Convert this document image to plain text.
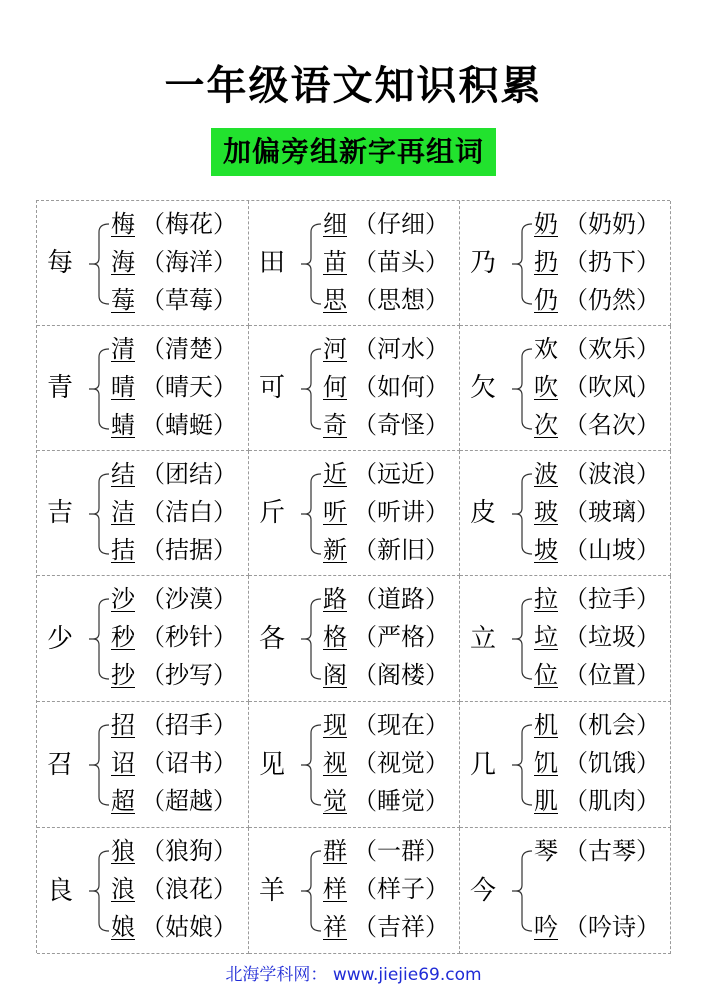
一年级语文知识积累
加偏旁组新字再组词
每
梅 （梅花）
海 （海洋）
莓 （草莓）
田
细 （仔细）
苗 （苗头）
思 （思想）
乃
奶 （奶奶）
扔 （扔下）
仍 （仍然）
青
清 （清楚）
晴 （晴天）
蜻 （蜻蜓）
可
河 （河水）
何 （如何）
奇 （奇怪）
欠
欢 （欢乐）
吹 （吹风）
次 （名次）
吉
结 （团结）
洁 （洁白）
拮 （拮据）
斤
近 （远近）
听 （听讲）
新 （新旧）
皮
波 （波浪）
玻 （玻璃）
坡 （山坡）
少
沙 （沙漠）
秒 （秒针）
抄 （抄写）
各
路 （道路）
格 （严格）
阁 （阁楼）
立
拉 （拉手）
垃 （垃圾）
位 （位置）
召
招 （招手）
诏 （诏书）
超 （超越）
见
现 （现在）
视 （视觉）
觉 （睡觉）
几
机 （机会）
饥 （饥饿）
肌 （肌肉）
良
狼 （狼狗）
浪 （浪花）
娘 （姑娘）
羊
群 （一群）
样 （样子）
祥 （吉祥）
今
琴 （古琴）
吟 （吟诗）
北海学科网： www.jiejie69.com
